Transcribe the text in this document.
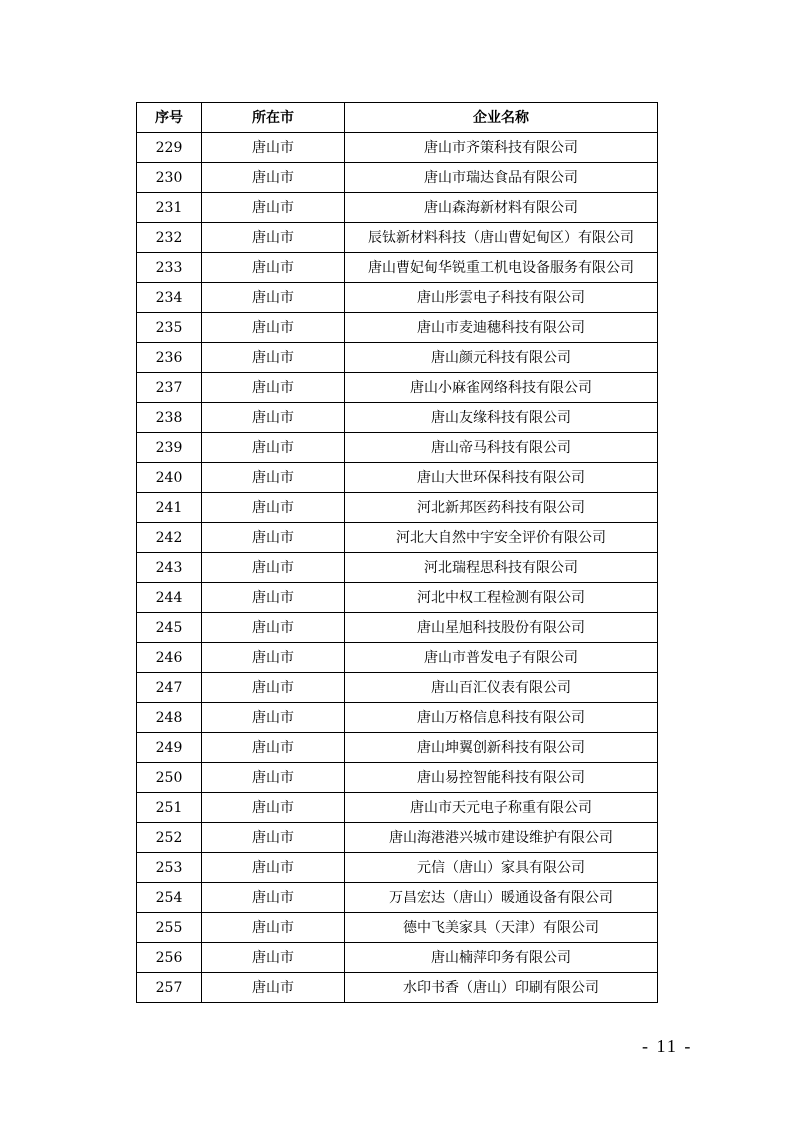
序号	所在市	企业名称
229	唐山市	唐山市齐策科技有限公司
230	唐山市	唐山市瑞达食品有限公司
231	唐山市	唐山森海新材料有限公司
232	唐山市	辰钛新材料科技（唐山曹妃甸区）有限公司
233	唐山市	唐山曹妃甸华锐重工机电设备服务有限公司
234	唐山市	唐山彤雲电子科技有限公司
235	唐山市	唐山市麦迪穗科技有限公司
236	唐山市	唐山颜元科技有限公司
237	唐山市	唐山小麻雀网络科技有限公司
238	唐山市	唐山友缘科技有限公司
239	唐山市	唐山帝马科技有限公司
240	唐山市	唐山大世环保科技有限公司
241	唐山市	河北新邦医药科技有限公司
242	唐山市	河北大自然中宇安全评价有限公司
243	唐山市	河北瑞程思科技有限公司
244	唐山市	河北中权工程检测有限公司
245	唐山市	唐山星旭科技股份有限公司
246	唐山市	唐山市普发电子有限公司
247	唐山市	唐山百汇仪表有限公司
248	唐山市	唐山万格信息科技有限公司
249	唐山市	唐山坤翼创新科技有限公司
250	唐山市	唐山易控智能科技有限公司
251	唐山市	唐山市天元电子称重有限公司
252	唐山市	唐山海港港兴城市建设维护有限公司
253	唐山市	元信（唐山）家具有限公司
254	唐山市	万昌宏达（唐山）暖通设备有限公司
255	唐山市	德中飞美家具（天津）有限公司
256	唐山市	唐山楠萍印务有限公司
257	唐山市	水印书香（唐山）印刷有限公司
- 11 -
